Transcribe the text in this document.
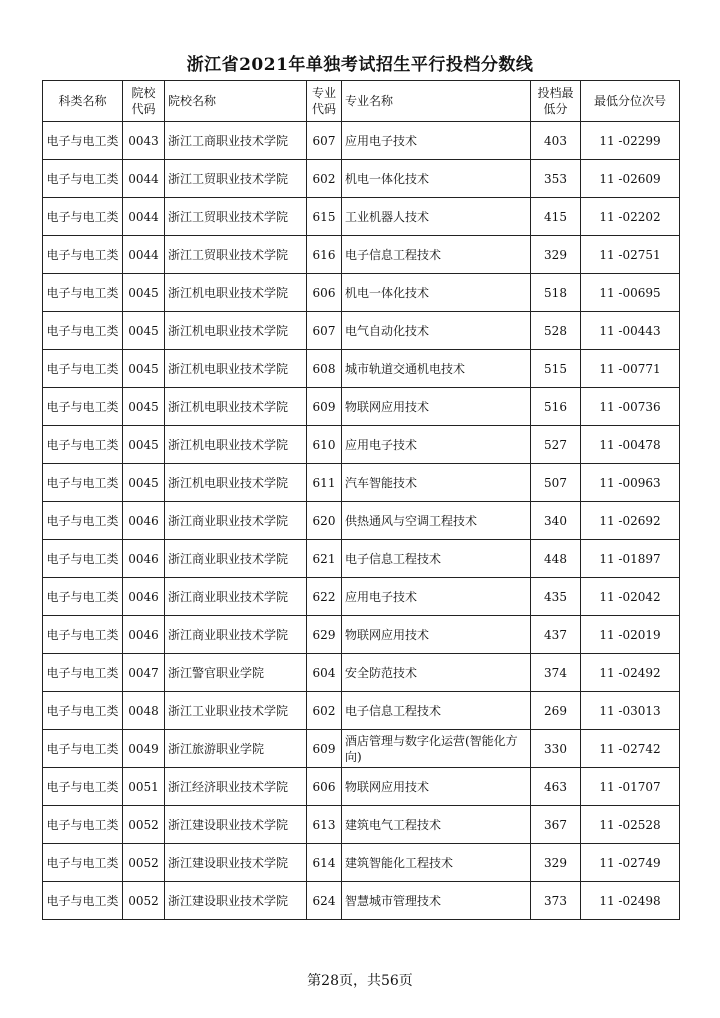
浙江省2021年单独考试招生平行投档分数线
科类名称	院校代码	院校名称	专业代码	专业名称	投档最低分	最低分位次号
电子与电工类	0043	浙江工商职业技术学院	607	应用电子技术	403	11 -02299
电子与电工类	0044	浙江工贸职业技术学院	602	机电一体化技术	353	11 -02609
电子与电工类	0044	浙江工贸职业技术学院	615	工业机器人技术	415	11 -02202
电子与电工类	0044	浙江工贸职业技术学院	616	电子信息工程技术	329	11 -02751
电子与电工类	0045	浙江机电职业技术学院	606	机电一体化技术	518	11 -00695
电子与电工类	0045	浙江机电职业技术学院	607	电气自动化技术	528	11 -00443
电子与电工类	0045	浙江机电职业技术学院	608	城市轨道交通机电技术	515	11 -00771
电子与电工类	0045	浙江机电职业技术学院	609	物联网应用技术	516	11 -00736
电子与电工类	0045	浙江机电职业技术学院	610	应用电子技术	527	11 -00478
电子与电工类	0045	浙江机电职业技术学院	611	汽车智能技术	507	11 -00963
电子与电工类	0046	浙江商业职业技术学院	620	供热通风与空调工程技术	340	11 -02692
电子与电工类	0046	浙江商业职业技术学院	621	电子信息工程技术	448	11 -01897
电子与电工类	0046	浙江商业职业技术学院	622	应用电子技术	435	11 -02042
电子与电工类	0046	浙江商业职业技术学院	629	物联网应用技术	437	11 -02019
电子与电工类	0047	浙江警官职业学院	604	安全防范技术	374	11 -02492
电子与电工类	0048	浙江工业职业技术学院	602	电子信息工程技术	269	11 -03013
电子与电工类	0049	浙江旅游职业学院	609	酒店管理与数字化运营(智能化方向)	330	11 -02742
电子与电工类	0051	浙江经济职业技术学院	606	物联网应用技术	463	11 -01707
电子与电工类	0052	浙江建设职业技术学院	613	建筑电气工程技术	367	11 -02528
电子与电工类	0052	浙江建设职业技术学院	614	建筑智能化工程技术	329	11 -02749
电子与电工类	0052	浙江建设职业技术学院	624	智慧城市管理技术	373	11 -02498
第28页，共56页
